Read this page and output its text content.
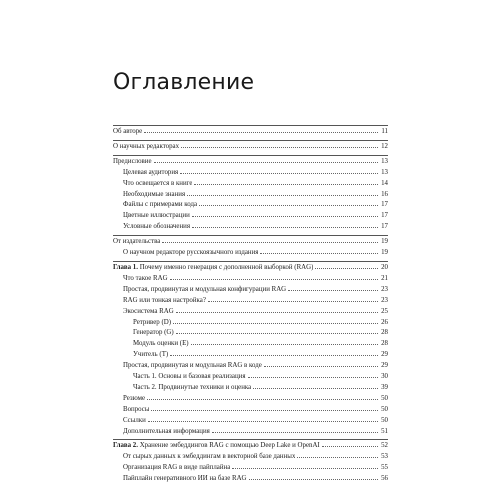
Оглавление
Об авторе	11
О научных редакторах	12
Предисловие	13
Целевая аудитория	13
Что освещается в книге	14
Необходимые знания	16
Файлы с примерами кода	17
Цветные иллюстрации	17
Условные обозначения	17
От издательства	19
О научном редакторе русскоязычного издания	19
Глава 1. Почему именно генерация с дополненной выборкой (RAG)	20
Что такое RAG	21
Простая, продвинутая и модульная конфигурации RAG	23
RAG или тонкая настройка?	23
Экосистема RAG	25
Ретривер (D)	26
Генератор (G)	28
Модуль оценки (E)	28
Учитель (T)	29
Простая, продвинутая и модульная RAG в коде	29
Часть 1. Основы и базовая реализация	30
Часть 2. Продвинутые техники и оценка	39
Резюме	50
Вопросы	50
Ссылки	50
Дополнительная информация	51
Глава 2. Хранение эмбеддингов RAG с помощью Deep Lake и OpenAI	52
От сырых данных к эмбеддингам в векторной базе данных	53
Организация RAG в виде пайплайна	55
Пайплайн генеративного ИИ на базе RAG	56
